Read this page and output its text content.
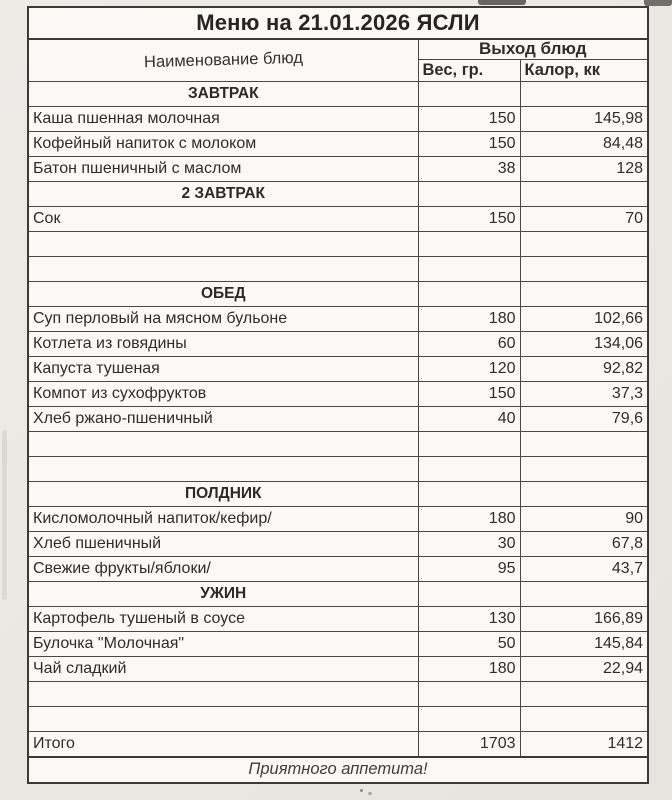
Меню на 21.01.2026 ЯСЛИ		
Наименование блюд	Выход блюд	
	Вес, гр.	Калор, кк
ЗАВТРАК		
Каша пшенная молочная	150	145,98
Кофейный напиток с молоком	150	84,48
Батон пшеничный с маслом	38	128
2 ЗАВТРАК		
Сок	150	70

ОБЕД		
Суп перловый на мясном бульоне	180	102,66
Котлета из говядины	60	134,06
Капуста тушеная	120	92,82
Компот из сухофруктов	150	37,3
Хлеб ржано-пшеничный	40	79,6

ПОЛДНИК		
Кисломолочный напиток/кефир/	180	90
Хлеб пшеничный	30	67,8
Свежие фрукты/яблоки/	95	43,7
УЖИН		
Картофель тушеный в соусе	130	166,89
Булочка "Молочная"	50	145,84
Чай сладкий	180	22,94

Итого	1703	1412
Приятного аппетита!		
